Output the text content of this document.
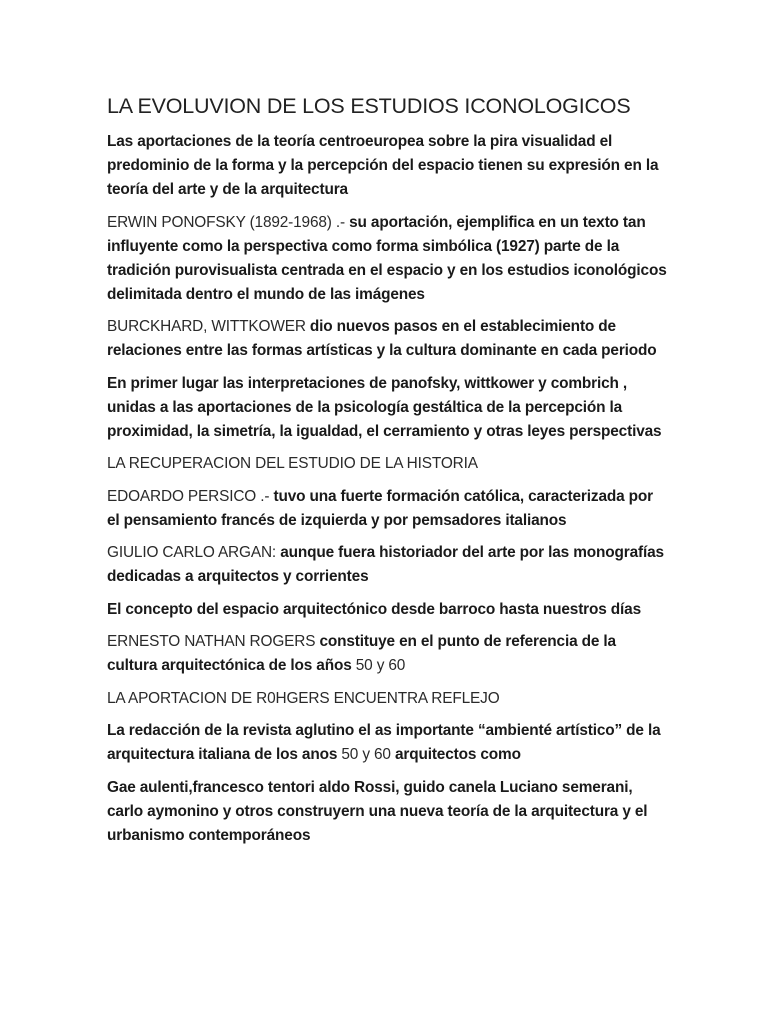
LA EVOLUVION DE LOS ESTUDIOS ICONOLOGICOS

Las aportaciones de la teoría centroeuropea sobre la pira visualidad el predominio de la forma y la percepción del espacio tienen su expresión en la teoría del arte y de la arquitectura

ERWIN PONOFSKY (1892-1968) .- su aportación, ejemplifica en un texto tan influyente como la perspectiva como forma simbólica (1927) parte de la tradición purovisualista centrada en el espacio y en los estudios iconológicos delimitada dentro el mundo de las imágenes

BURCKHARD, WITTKOWER dio nuevos pasos en el establecimiento de relaciones entre las formas artísticas y la cultura dominante en cada periodo

En primer lugar las interpretaciones de panofsky, wittkower y combrich , unidas a las aportaciones de la psicología gestáltica de la percepción la proximidad, la simetría, la igualdad, el cerramiento y otras leyes perspectivas

LA RECUPERACION DEL ESTUDIO DE LA HISTORIA

EDOARDO PERSICO .- tuvo una fuerte formación católica, caracterizada por el pensamiento francés de izquierda y por pemsadores italianos

GIULIO CARLO ARGAN: aunque fuera historiador del arte por las monografías dedicadas a arquitectos y corrientes

El concepto del espacio arquitectónico desde barroco hasta nuestros días

ERNESTO NATHAN ROGERS constituye en el punto de referencia de la cultura arquitectónica de los años 50 y 60

LA APORTACION DE R0HGERS ENCUENTRA REFLEJO

La redacción de la revista aglutino el as importante “ambienté artístico” de la arquitectura italiana de los anos 50 y 60 arquitectos como

Gae aulenti,francesco tentori aldo Rossi, guido canela Luciano semerani, carlo aymonino y otros construyern una nueva teoría de la arquitectura y el urbanismo contemporáneos
